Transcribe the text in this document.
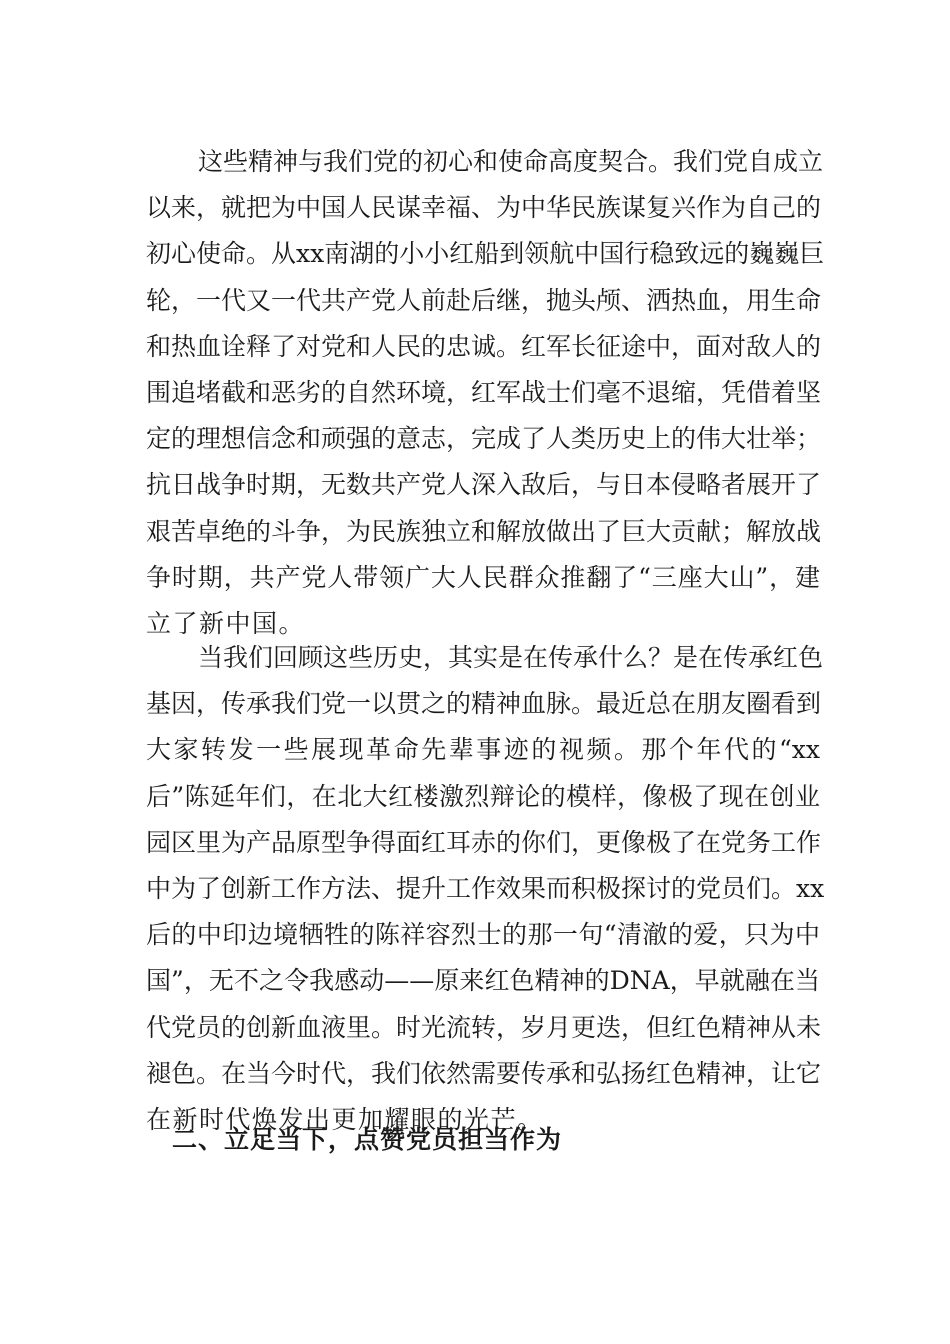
这些精神与我们党的初心和使命高度契合。我们党自成立
以来，就把为中国人民谋幸福、为中华民族谋复兴作为自己的
初心使命。从xx南湖的小小红船到领航中国行稳致远的巍巍巨
轮，一代又一代共产党人前赴后继，抛头颅、洒热血，用生命
和热血诠释了对党和人民的忠诚。红军长征途中，面对敌人的
围追堵截和恶劣的自然环境，红军战士们毫不退缩，凭借着坚
定的理想信念和顽强的意志，完成了人类历史上的伟大壮举；
抗日战争时期，无数共产党人深入敌后，与日本侵略者展开了
艰苦卓绝的斗争，为民族独立和解放做出了巨大贡献；解放战
争时期，共产党人带领广大人民群众推翻了“三座大山”，建
立了新中国。
当我们回顾这些历史，其实是在传承什么？是在传承红色
基因，传承我们党一以贯之的精神血脉。最近总在朋友圈看到
大家转发一些展现革命先辈事迹的视频。那个年代的“xx
后”陈延年们，在北大红楼激烈辩论的模样，像极了现在创业
园区里为产品原型争得面红耳赤的你们，更像极了在党务工作
中为了创新工作方法、提升工作效果而积极探讨的党员们。xx
后的中印边境牺牲的陈祥容烈士的那一句“清澈的爱，只为中
国”，无不之令我感动——原来红色精神的DNA，早就融在当
代党员的创新血液里。时光流转，岁月更迭，但红色精神从未
褪色。在当今时代，我们依然需要传承和弘扬红色精神，让它
在新时代焕发出更加耀眼的光芒。
二、立足当下，点赞党员担当作为
